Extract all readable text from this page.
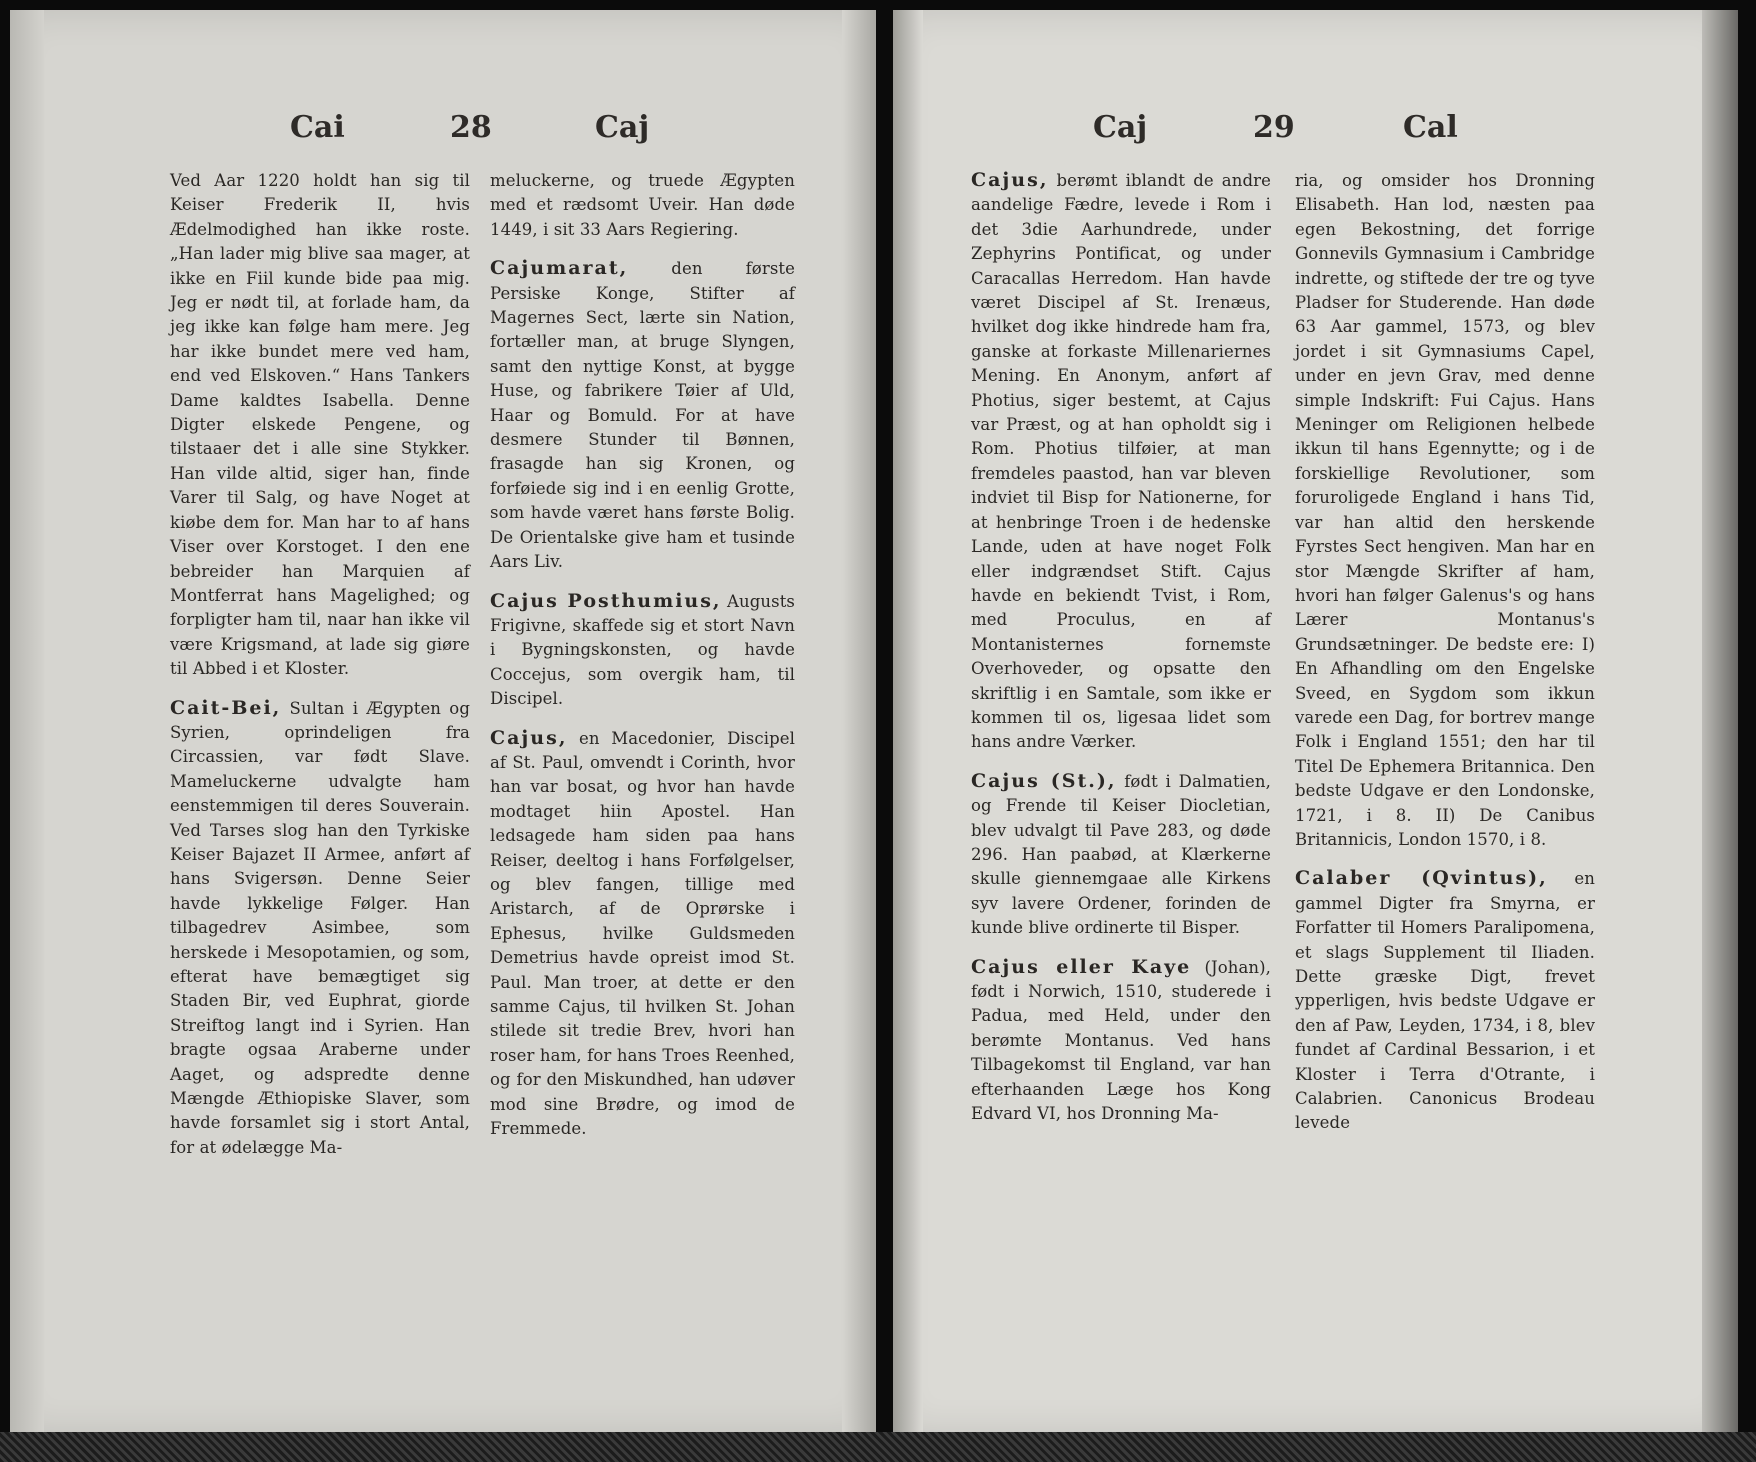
Cai	28	Caj

Ved Aar 1220 holdt han sig til Keiser Frederik II, hvis Ædelmodighed han ikke roste. „Han lader mig blive saa mager, at ikke en Fiil kunde bide paa mig. Jeg er nødt til, at forlade ham, da jeg ikke kan følge ham mere. Jeg har ikke bundet mere ved ham, end ved Elskoven.“ Hans Tankers Dame kaldtes Isabella. Denne Digter elskede Pengene, og tilstaaer det i alle sine Stykker. Han vilde altid, siger han, finde Varer til Salg, og have Noget at kiøbe dem for. Man har to af hans Viser over Korstoget. I den ene bebreider han Marquien af Montferrat hans Magelighed; og forpligter ham til, naar han ikke vil være Krigsmand, at lade sig giøre til Abbed i et Kloster.

Cait-Bei, Sultan i Ægypten og Syrien, oprindeligen fra Circassien, var født Slave. Mameluckerne udvalgte ham eenstemmigen til deres Souverain. Ved Tarses slog han den Tyrkiske Keiser Bajazet II Armee, anført af hans Svigersøn. Denne Seier havde lykkelige Følger. Han tilbagedrev Asimbee, som herskede i Mesopotamien, og som, efterat have bemægtiget sig Staden Bir, ved Euphrat, giorde Streiftog langt ind i Syrien. Han bragte ogsaa Araberne under Aaget, og adspredte denne Mængde Æthiopiske Slaver, som havde forsamlet sig i stort Antal, for at ødelægge Ma-

meluckerne, og truede Ægypten med et rædsomt Uveir. Han døde 1449, i sit 33 Aars Regiering.

Cajumarat, den første Persiske Konge, Stifter af Magernes Sect, lærte sin Nation, fortæller man, at bruge Slyngen, samt den nyttige Konst, at bygge Huse, og fabrikere Tøier af Uld, Haar og Bomuld. For at have desmere Stunder til Bønnen, frasagde han sig Kronen, og forføiede sig ind i en eenlig Grotte, som havde været hans første Bolig. De Orientalske give ham et tusinde Aars Liv.

Cajus Posthumius, Augusts Frigivne, skaffede sig et stort Navn i Bygningskonsten, og havde Coccejus, som overgik ham, til Discipel.

Cajus, en Macedonier, Discipel af St. Paul, omvendt i Corinth, hvor han var bosat, og hvor han havde modtaget hiin Apostel. Han ledsagede ham siden paa hans Reiser, deeltog i hans Forfølgelser, og blev fangen, tillige med Aristarch, af de Oprørske i Ephesus, hvilke Guldsmeden Demetrius havde opreist imod St. Paul. Man troer, at dette er den samme Cajus, til hvilken St. Johan stilede sit tredie Brev, hvori han roser ham, for hans Troes Reenhed, og for den Miskundhed, han udøver mod sine Brødre, og imod de Fremmede.

Caj	29	Cal

Cajus, berømt iblandt de andre aandelige Fædre, levede i Rom i det 3die Aarhundrede, under Zephyrins Pontificat, og under Caracallas Herredom. Han havde været Discipel af St. Irenæus, hvilket dog ikke hindrede ham fra, ganske at forkaste Millenariernes Mening. En Anonym, anført af Photius, siger bestemt, at Cajus var Præst, og at han opholdt sig i Rom. Photius tilføier, at man fremdeles paastod, han var bleven indviet til Bisp for Nationerne, for at henbringe Troen i de hedenske Lande, uden at have noget Folk eller indgrændset Stift. Cajus havde en bekiendt Tvist, i Rom, med Proculus, en af Montanisternes fornemste Overhoveder, og opsatte den skriftlig i en Samtale, som ikke er kommen til os, ligesaa lidet som hans andre Værker.

Cajus (St.), født i Dalmatien, og Frende til Keiser Diocletian, blev udvalgt til Pave 283, og døde 296. Han paabød, at Klærkerne skulle giennemgaae alle Kirkens syv lavere Ordener, forinden de kunde blive ordinerte til Bisper.

Cajus eller Kaye (Johan), født i Norwich, 1510, studerede i Padua, med Held, under den berømte Montanus. Ved hans Tilbagekomst til England, var han efterhaanden Læge hos Kong Edvard VI, hos Dronning Ma-

ria, og omsider hos Dronning Elisabeth. Han lod, næsten paa egen Bekostning, det forrige Gonnevils Gymnasium i Cambridge indrette, og stiftede der tre og tyve Pladser for Studerende. Han døde 63 Aar gammel, 1573, og blev jordet i sit Gymnasiums Capel, under en jevn Grav, med denne simple Indskrift: Fui Cajus. Hans Meninger om Religionen helbede ikkun til hans Egennytte; og i de forskiellige Revolutioner, som foruroligede England i hans Tid, var han altid den herskende Fyrstes Sect hengiven. Man har en stor Mængde Skrifter af ham, hvori han følger Galenus's og hans Lærer Montanus's Grundsætninger. De bedste ere: I) En Afhandling om den Engelske Sveed, en Sygdom som ikkun varede een Dag, for bortrev mange Folk i England 1551; den har til Titel De Ephemera Britannica. Den bedste Udgave er den Londonske, 1721, i 8. II) De Canibus Britannicis, London 1570, i 8.

Calaber (Qvintus), en gammel Digter fra Smyrna, er Forfatter til Homers Paralipomena, et slags Supplement til Iliaden. Dette græske Digt, frevet ypperligen, hvis bedste Udgave er den af Paw, Leyden, 1734, i 8, blev fundet af Cardinal Bessarion, i et Kloster i Terra d'Otrante, i Calabrien. Canonicus Brodeau levede
